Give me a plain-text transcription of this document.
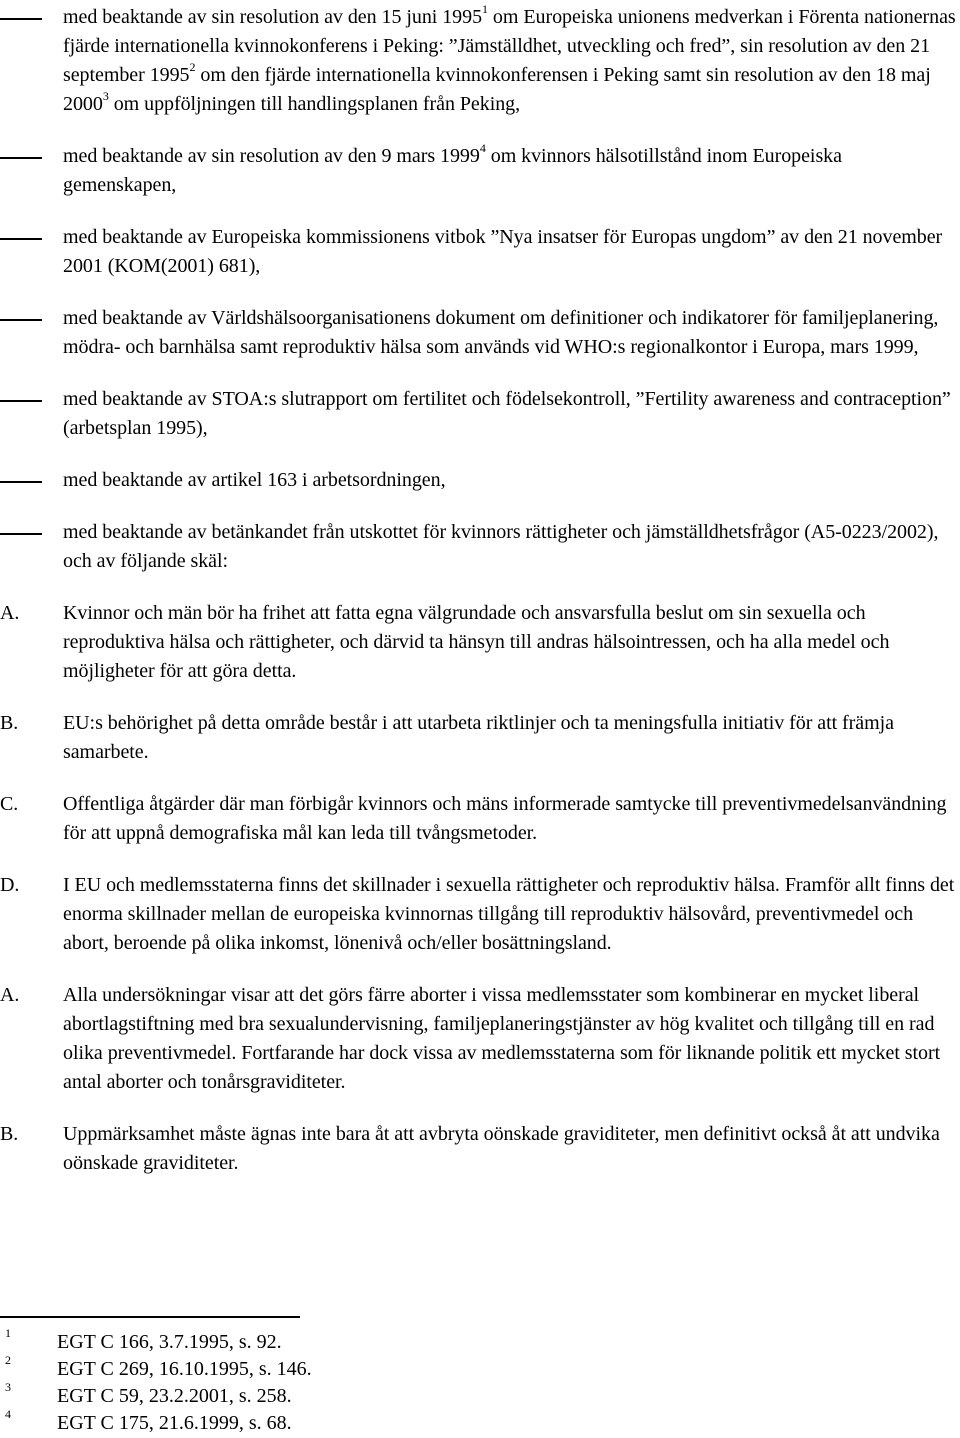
med beaktande av sin resolution av den 15 juni 1995$^1$ om Europeiska unionens medverkan i Förenta nationernas fjärde internationella kvinnokonferens i Peking: ”Jämställdhet, utveckling och fred”, sin resolution av den 21 september 1995$^2$ om den fjärde internationella kvinnokonferensen i Peking samt sin resolution av den 18 maj 2000$^3$ om uppföljningen till handlingsplanen från Peking,
med beaktande av sin resolution av den 9 mars 1999$^4$ om kvinnors hälsotillstånd inom Europeiska gemenskapen,
med beaktande av Europeiska kommissionens vitbok ”Nya insatser för Europas ungdom” av den 21 november 2001 (KOM(2001) 681),
med beaktande av Världshälsoorganisationens dokument om definitioner och indikatorer för familjeplanering, mödra- och barnhälsa samt reproduktiv hälsa som används vid WHO:s regionalkontor i Europa, mars 1999,
med beaktande av STOA:s slutrapport om fertilitet och födelsekontroll, ”Fertility awareness and contraception” (arbetsplan 1995),
med beaktande av artikel 163 i arbetsordningen,
med beaktande av betänkandet från utskottet för kvinnors rättigheter och jämställdhetsfrågor (A5-0223/2002), och av följande skäl:
A. Kvinnor och män bör ha frihet att fatta egna välgrundade och ansvarsfulla beslut om sin sexuella och reproduktiva hälsa och rättigheter, och därvid ta hänsyn till andras hälsointressen, och ha alla medel och möjligheter för att göra detta.
B. EU:s behörighet på detta område består i att utarbeta riktlinjer och ta meningsfulla initiativ för att främja samarbete.
C. Offentliga åtgärder där man förbigår kvinnors och mäns informerade samtycke till preventivmedelsanvändning för att uppnå demografiska mål kan leda till tvångsmetoder.
D. I EU och medlemsstaterna finns det skillnader i sexuella rättigheter och reproduktiv hälsa. Framför allt finns det enorma skillnader mellan de europeiska kvinnornas tillgång till reproduktiv hälsovård, preventivmedel och abort, beroende på olika inkomst, lönenivå och/eller bosättningsland.
A. Alla undersökningar visar att det görs färre aborter i vissa medlemsstater som kombinerar en mycket liberal abortlagstiftning med bra sexualundervisning, familjeplaneringstjänster av hög kvalitet och tillgång till en rad olika preventivmedel. Fortfarande har dock vissa av medlemsstaterna som för liknande politik ett mycket stort antal aborter och tonårsgraviditeter.
B. Uppmärksamhet måste ägnas inte bara åt att avbryta oönskade graviditeter, men definitivt också åt att undvika oönskade graviditeter.
1 EGT C 166, 3.7.1995, s. 92.
2 EGT C 269, 16.10.1995, s. 146.
3 EGT C 59, 23.2.2001, s. 258.
4 EGT C 175, 21.6.1999, s. 68.
